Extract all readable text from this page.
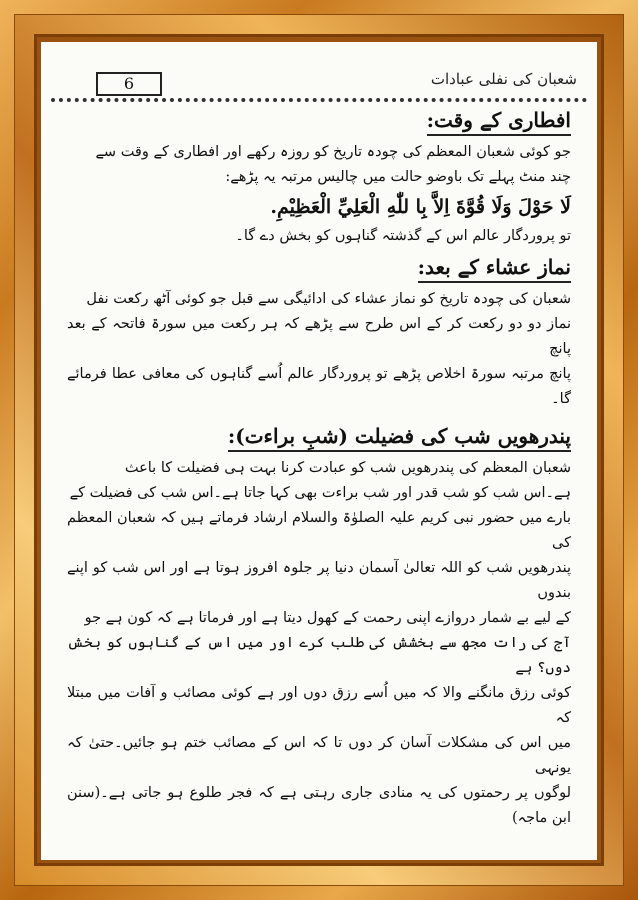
6	شعبان کی نفلی عبادات
افطاری کے وقت:

جو کوئی شعبان المعظم کی چودہ تاریخ کو روزہ رکھے اور افطاری کے وقت سے

چند منٹ پہلے تک باوضو حالت میں چالیس مرتبہ یہ پڑھے:

لَا حَوْلَ وَلَا قُوَّةَ اِلاَّ بِا للّٰهِ الْعَلِيِّ الْعَظِيْمِ.

تو پروردگار عالم اس کے گذشتہ گناہوں کو بخش دے گا۔

نماز عشاء کے بعد:

شعبان کی چودہ تاریخ کو نماز عشاء کی ادائیگی سے قبل جو کوئی آٹھ رکعت نفل

نماز دو دو رکعت کر کے اس طرح سے پڑھے کہ ہر رکعت میں سورۃ فاتحہ کے بعد پانچ

پانچ مرتبہ سورۃ اخلاص پڑھے تو پروردگار عالم اُسے گناہوں کی معافی عطا فرمائے گا۔

پندرھویں شب کی فضیلت (شبِ براءت):

شعبان المعظم کی پندرھویں شب کو عبادت کرنا بہت ہی فضیلت کا باعث

ہے۔اس شب کو شب قدر اور شب براءت بھی کہا جاتا ہے۔اس شب کی فضیلت کے

بارے میں حضور نبی کریم علیہ الصلوٰۃ والسلام ارشاد فرماتے ہیں کہ شعبان المعظم کی

پندرھویں شب کو اللہ تعالیٰ آسمان دنیا پر جلوہ افروز ہوتا ہے اور اس شب کو اپنے بندوں

کے لیے بے شمار دروازے اپنی رحمت کے کھول دیتا ہے اور فرماتا ہے کہ کون ہے جو

آج کی رات مجھ سے بخشش کی طلب کرے اور میں اس کے گناہوں کو بخش دوں؟ ہے

کوئی رزق مانگنے والا کہ میں اُسے رزق دوں اور ہے کوئی مصائب و آفات میں مبتلا کہ

میں اس کی مشکلات آسان کر دوں تا کہ اس کے مصائب ختم ہو جائیں۔حتیٰ کہ یونہی

لوگوں پر رحمتوں کی یہ منادی جاری رہتی ہے کہ فجر طلوع ہو جاتی ہے۔(سنن ابن ماجہ)
